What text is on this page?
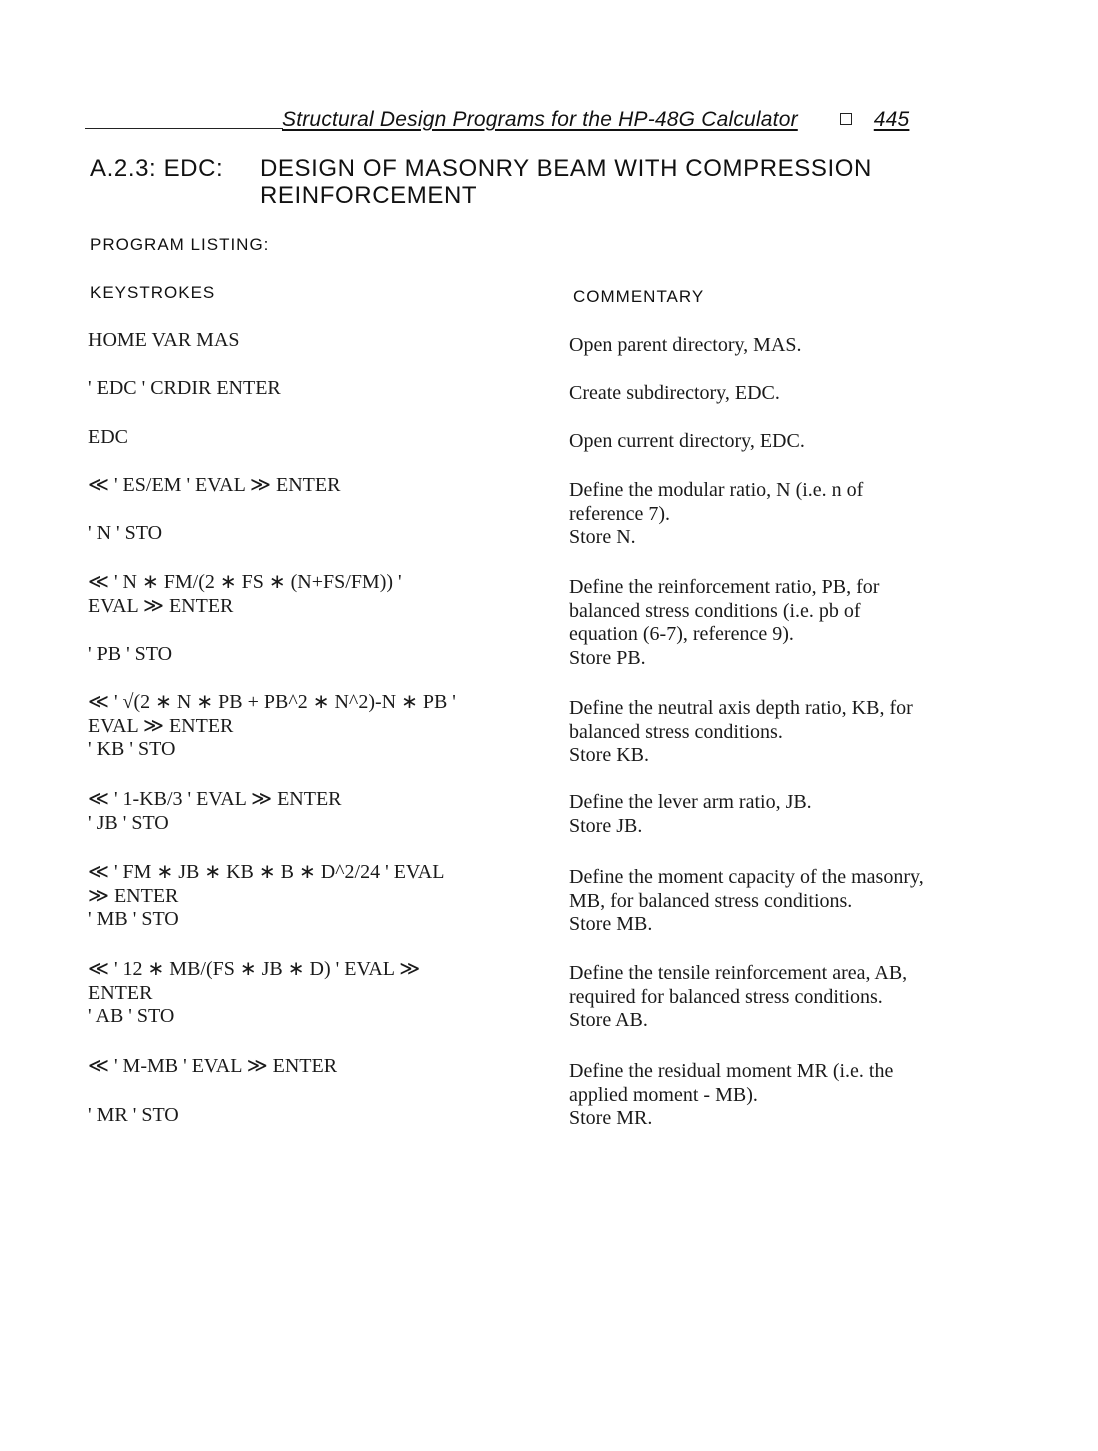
Structural Design Programs for the HP-48G Calculator	445
A.2.3: EDC: DESIGN OF MASONRY BEAM WITH COMPRESSION REINFORCEMENT
PROGRAM LISTING:
KEYSTROKES	COMMENTARY
HOME VAR MAS
' EDC ' CRDIR ENTER
EDC
≪ ' ES/EM ' EVAL ≫ ENTER
' N ' STO
≪ ' N ∗ FM/(2 ∗ FS ∗ (N+FS/FM)) '
EVAL ≫ ENTER
' PB ' STO
≪ ' √(2 ∗ N ∗ PB + PB^2 ∗ N^2)-N ∗ PB '
EVAL ≫ ENTER
' KB ' STO
≪ ' 1-KB/3 ' EVAL ≫ ENTER
' JB ' STO
≪ ' FM ∗ JB ∗ KB ∗ B ∗ D^2/24 ' EVAL
≫ ENTER
' MB ' STO
≪ ' 12 ∗ MB/(FS ∗ JB ∗ D) ' EVAL ≫
ENTER
' AB ' STO
≪ ' M-MB ' EVAL ≫ ENTER
' MR ' STO
Open parent directory, MAS.
Create subdirectory, EDC.
Open current directory, EDC.
Define the modular ratio, N (i.e. n of
reference 7).
Store N.
Define the reinforcement ratio, PB, for
balanced stress conditions (i.e. pb of
equation (6-7), reference 9).
Store PB.
Define the neutral axis depth ratio, KB, for
balanced stress conditions.
Store KB.
Define the lever arm ratio, JB.
Store JB.
Define the moment capacity of the masonry,
MB, for balanced stress conditions.
Store MB.
Define the tensile reinforcement area, AB,
required for balanced stress conditions.
Store AB.
Define the residual moment MR (i.e. the
applied moment - MB).
Store MR.
